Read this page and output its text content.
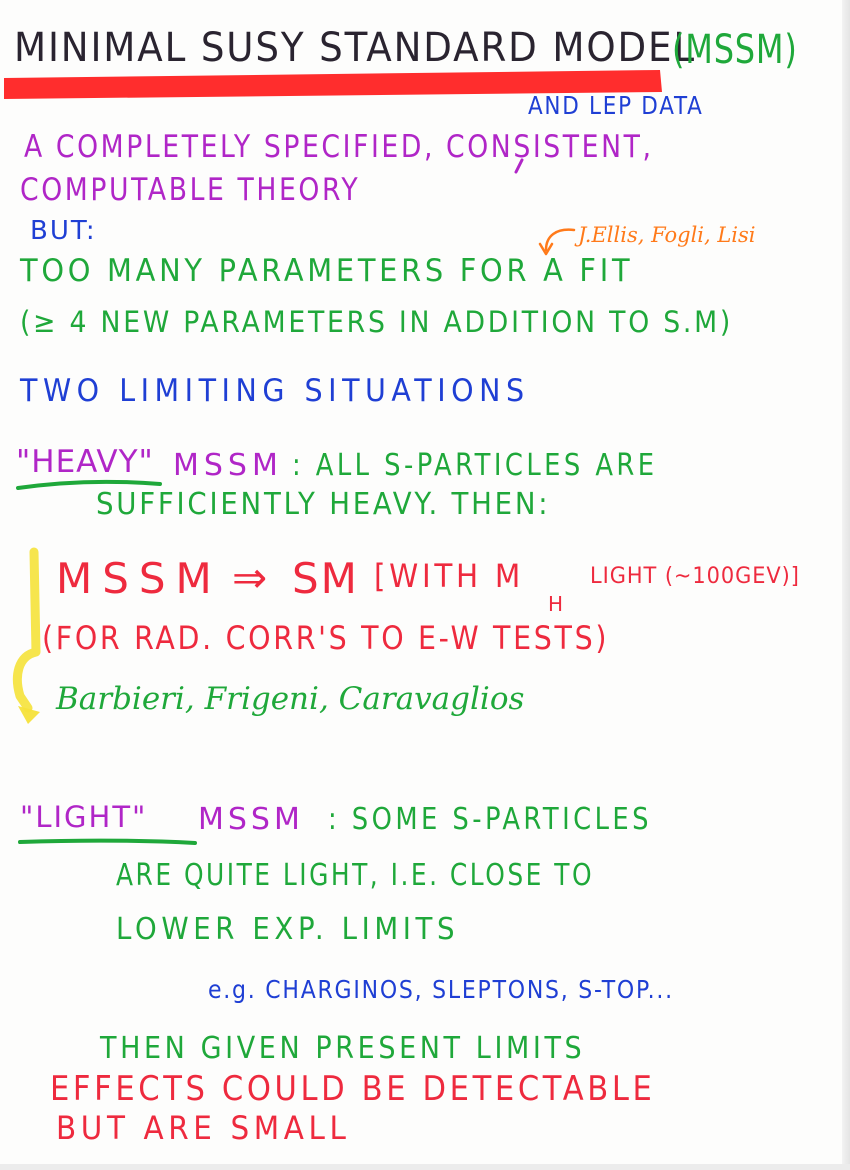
MINIMAL SUSY STANDARD MODEL
(MSSM)
AND LEP DATA
A COMPLETELY SPECIFIED, CONSISTENT,
COMPUTABLE THEORY
BUT:	J.Ellis, Fogli, Lisi
TOO MANY PARAMETERS FOR A FIT
(≥ 4 NEW PARAMETERS IN ADDITION TO S.M)
TWO LIMITING SITUATIONS
"HEAVY" MSSM : ALL S-PARTICLES ARE
SUFFICIENTLY HEAVY. THEN:
MSSM ⇒ SM [WITH M
H
LIGHT (~100GEV)]
(FOR RAD. CORR'S TO E-W TESTS)
Barbieri, Frigeni, Caravaglios
"LIGHT" MSSM : SOME S-PARTICLES
ARE QUITE LIGHT, I.E. CLOSE TO
LOWER EXP. LIMITS
e.g. CHARGINOS, SLEPTONS, S-TOP...
THEN GIVEN PRESENT LIMITS
EFFECTS COULD BE DETECTABLE
BUT ARE SMALL
